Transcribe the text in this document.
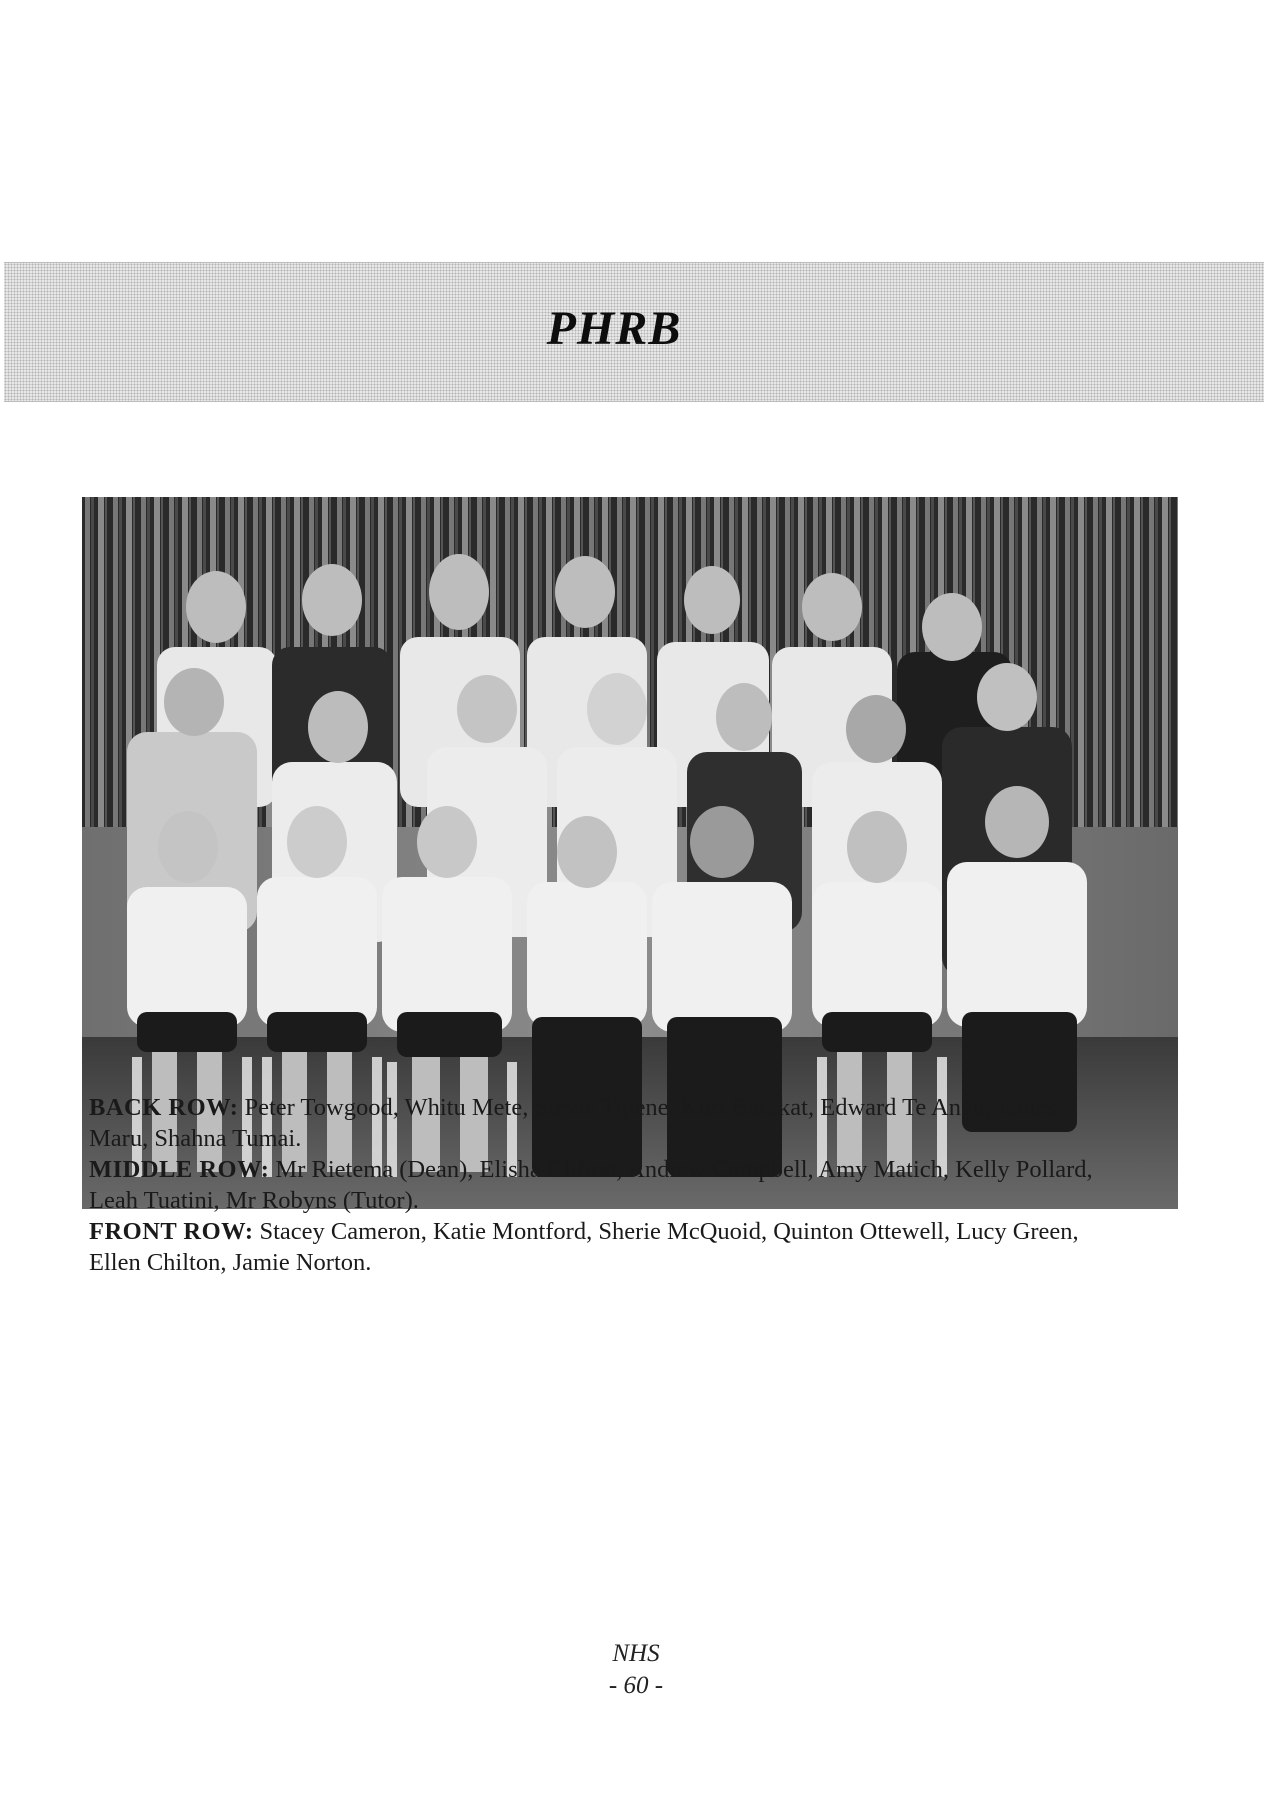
PHRB

BACK ROW: Peter Towgood, Whitu Mete, Stevie Tipene, Kurt Barakat, Edward Te Anga, James Maru, Shahna Tumai.

MIDDLE ROW: Mr Rietema (Dean), Elisha Clifton, Andrew Campbell, Amy Matich, Kelly Pollard, Leah Tuatini, Mr Robyns (Tutor).

FRONT ROW: Stacey Cameron, Katie Montford, Sherie McQuoid, Quinton Ottewell, Lucy Green, Ellen Chilton, Jamie Norton.

NHS
- 60 -
